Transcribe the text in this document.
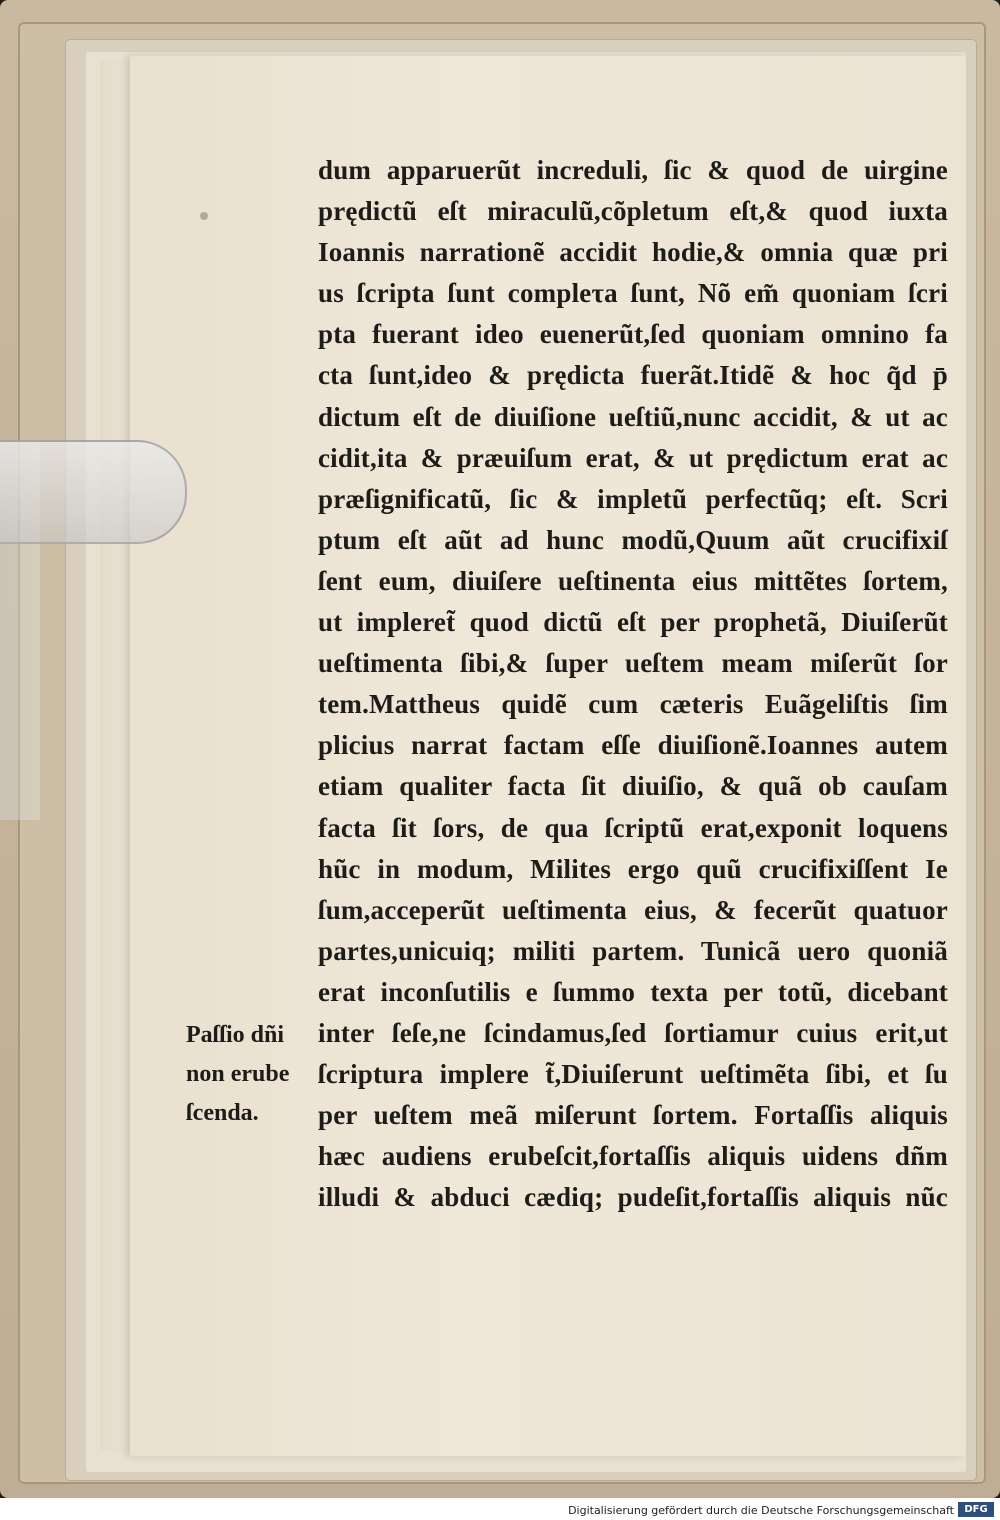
dum apparuerũt increduli, ſic & quod de uirgine
prędictũ eſt miraculũ,cõpletum eſt,& quod iuxta
Ioannis narrationẽ accidit hodie,& omnia quæ pri
us ſcripta ſunt compleτa ſunt, Nõ em̃ quoniam ſcri
pta fuerant ideo euenerũt,ſed quoniam omnino fa
cta ſunt,ideo & prędicta fuerãt.Itidẽ & hoc q̃d p̄
dictum eſt de diuiſione ueſtiũ,nunc accidit, & ut ac
cidit,ita & præuiſum erat, & ut prędictum erat ac
præſignificatũ, ſic & impletũ perfectũq; eſt. Scri
ptum eſt aũt ad hunc modũ,Quum aũt crucifixiſ
ſent eum, diuiſere ueſtinenta eius mittẽtes ſortem,
ut impleret̃ quod dictũ eſt per prophetã, Diuiſerũt
ueſtimenta ſibi,& ſuper ueſtem meam miſerũt ſor
tem.Mattheus quidẽ cum cæteris Euãgeliſtis ſim
plicius narrat factam eſſe diuiſionẽ.Ioannes autem
etiam qualiter facta ſit diuiſio, & quã ob cauſam
facta ſit ſors, de qua ſcriptũ erat,exponit loquens
hũc in modum, Milites ergo quũ crucifixiſſent Ie
ſum,acceperũt ueſtimenta eius, & fecerũt quatuor
partes,unicuiq; militi partem. Tunicã uero quoniã
erat inconſutilis e ſummo texta per totũ, dicebant
inter ſeſe,ne ſcindamus,ſed ſortiamur cuius erit,ut
ſcriptura implere t̃,Diuiſerunt ueſtimẽta ſibi, et ſu
per ueſtem meã miſerunt ſortem. Fortaſſis aliquis
hæc audiens erubeſcit,fortaſſis aliquis uidens dñm
illudi & abduci cædiq; pudeſit,fortaſſis aliquis nũc
Paſſio dñi
non erube
ſcenda.
Digitalisierung gefördert durch die Deutsche Forschungsgemeinschaft	DFG
